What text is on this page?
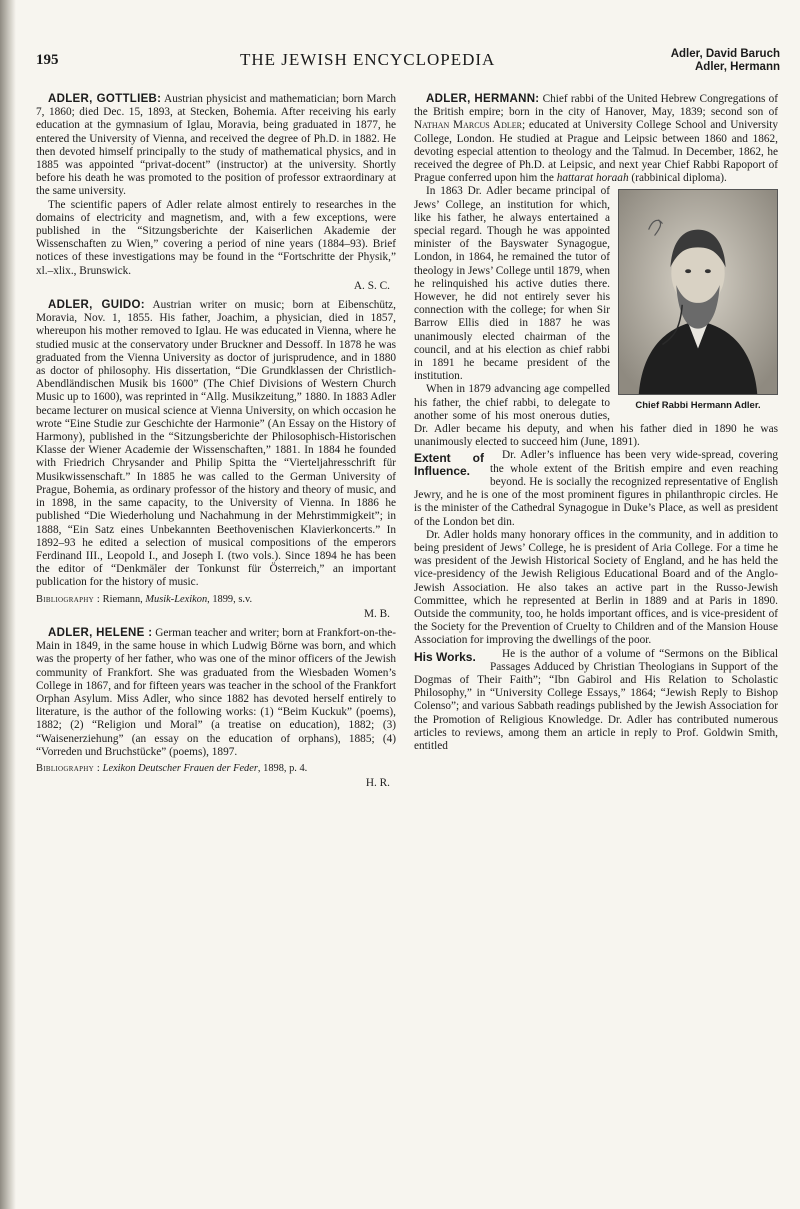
195	THE JEWISH ENCYCLOPEDIA	Adler, David Baruch
Adler, Hermann

ADLER, GOTTLIEB: Austrian physicist and mathematician; born March 7, 1860; died Dec. 15, 1893, at Stecken, Bohemia. After receiving his early education at the gymnasium of Iglau, Moravia, being graduated in 1877, he entered the University of Vienna, and received the degree of Ph.D. in 1882. He then devoted himself principally to the study of mathematical physics, and in 1885 was appointed “privat-docent” (instructor) at the university. Shortly before his death he was promoted to the position of professor extraordinary at the same university.

The scientific papers of Adler relate almost entirely to researches in the domains of electricity and magnetism, and, with a few exceptions, were published in the “Sitzungsberichte der Kaiserlichen Akademie der Wissenschaften zu Wien,” covering a period of nine years (1884–93). Brief notices of these investigations may be found in the “Fortschritte der Physik,” xl.–xlix., Brunswick.

A. S. C.

ADLER, GUIDO: Austrian writer on music; born at Eibenschütz, Moravia, Nov. 1, 1855. His father, Joachim, a physician, died in 1857, whereupon his mother removed to Iglau. He was educated in Vienna, where he studied music at the conservatory under Bruckner and Dessoff. In 1878 he was graduated from the Vienna University as doctor of jurisprudence, and in 1880 as doctor of philosophy. His dissertation, “Die Grundklassen der Christlich-Abendländischen Musik bis 1600” (The Chief Divisions of Western Church Music up to 1600), was reprinted in “Allg. Musikzeitung,” 1880. In 1883 Adler became lecturer on musical science at Vienna University, on which occasion he wrote “Eine Studie zur Geschichte der Harmonie” (An Essay on the History of Harmony), published in the “Sitzungsberichte der Philosophisch-Historischen Klasse der Wiener Academie der Wissenschaften,” 1881. In 1884 he founded with Friedrich Chrysander and Philip Spitta the “Vierteljahresschrift für Musikwissenschaft.” In 1885 he was called to the German University of Prague, Bohemia, as ordinary professor of the history and theory of music, and in 1898, in the same capacity, to the University of Vienna. In 1886 he published “Die Wiederholung und Nachahmung in der Mehrstimmigkeit”; in 1888, “Ein Satz eines Unbekannten Beethovenischen Klavierkoncerts.” In 1892–93 he edited a selection of musical compositions of the emperors Ferdinand III., Leopold I., and Joseph I. (two vols.). Since 1894 he has been the editor of “Denkmäler der Tonkunst für Österreich,” an important publication for the history of music.

Bibliography : Riemann, Musik-Lexikon, 1899, s.v.

M. B.

ADLER, HELENE : German teacher and writer; born at Frankfort-on-the-Main in 1849, in the same house in which Ludwig Börne was born, and which was the property of her father, who was one of the minor officers of the Jewish community of Frankfort. She was graduated from the Wiesbaden Women’s College in 1867, and for fifteen years was teacher in the school of the Frankfort Orphan Asylum. Miss Adler, who since 1882 has devoted herself entirely to literature, is the author of the following works: (1) “Beim Kuckuk” (poems), 1882; (2) “Religion und Moral” (a treatise on education), 1882; (3) “Waisenerziehung” (an essay on the education of orphans), 1885; (4) “Vorreden und Bruchstücke” (poems), 1897.

Bibliography : Lexikon Deutscher Frauen der Feder, 1898, p. 4.

H. R.

ADLER, HERMANN: Chief rabbi of the United Hebrew Congregations of the British empire; born in the city of Hanover, May, 1839; second son of Nathan Marcus Adler; educated at University College School and University College, London. He studied at Prague and Leipsic between 1860 and 1862, devoting especial attention to theology and the Talmud. In December, 1862, he received the degree of Ph.D. at Leipsic, and next year Chief Rabbi Rapoport of Prague conferred upon him the hattarat horaah (rabbinical diploma).

Chief Rabbi Hermann Adler.

In 1863 Dr. Adler became principal of Jews’ College, an institution for which, like his father, he always entertained a special regard. Though he was appointed minister of the Bayswater Synagogue, London, in 1864, he remained the tutor of theology in Jews’ College until 1879, when he relinquished his active duties there. However, he did not entirely sever his connection with the college; for when Sir Barrow Ellis died in 1887 he was unanimously elected chairman of the council, and at his election as chief rabbi in 1891 he became president of the institution.

When in 1879 advancing age compelled his father, the chief rabbi, to delegate to another some of his most onerous duties, Dr. Adler became his deputy, and when his father died in 1890 he was unanimously elected to succeed him (June, 1891).

Extent of Influence.

Dr. Adler’s influence has been very wide-spread, covering the whole extent of the British empire and even reaching beyond. He is socially the recognized representative of English Jewry, and he is one of the most prominent figures in philanthropic circles. He is the minister of the Cathedral Synagogue in Duke’s Place, as well as president of the London bet din.

Dr. Adler holds many honorary offices in the community, and in addition to being president of Jews’ College, he is president of Aria College. For a time he was president of the Jewish Historical Society of England, and he has held the vice-presidency of the Jewish Religious Educational Board and of the Anglo-Jewish Association. He also takes an active part in the Russo-Jewish Committee, which he represented at Berlin in 1889 and at Paris in 1890. Outside the community, too, he holds important offices, and is vice-president of the Society for the Prevention of Cruelty to Children and of the Mansion House Association for improving the dwellings of the poor.

His Works.	He is the author of a volume of “Sermons on the Biblical Passages Adduced by Christian Theologians in Support of the Dogmas of Their Faith”; “Ibn Gabirol and His Relation to Scholastic Philosophy,” in “University College Essays,” 1864; “Jewish Reply to Bishop Colenso”; and various Sabbath readings published by the Jewish Association for the Promotion of Religious Knowledge. Dr. Adler has contributed numerous articles to reviews, among them an article in reply to Prof. Goldwin Smith, entitled
